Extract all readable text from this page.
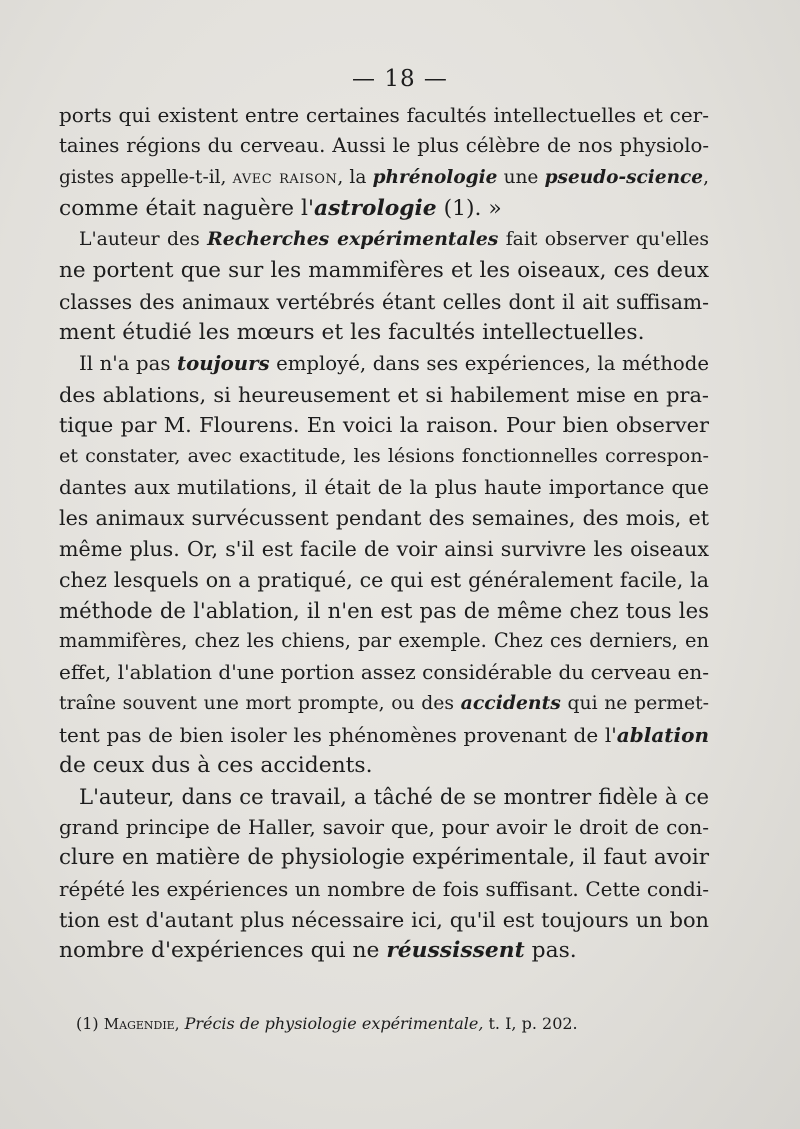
— 18 —
ports qui existent entre certaines facultés intellectuelles et cer-
taines régions du cerveau. Aussi le plus célèbre de nos physiolo-
gistes appelle-t-il, avec raison, la phrénologie une pseudo-science,
comme était naguère l'astrologie (1). »
L'auteur des Recherches expérimentales fait observer qu'elles
ne portent que sur les mammifères et les oiseaux, ces deux
classes des animaux vertébrés étant celles dont il ait suffisam-
ment étudié les mœurs et les facultés intellectuelles.
Il n'a pas toujours employé, dans ses expériences, la méthode
des ablations, si heureusement et si habilement mise en pra-
tique par M. Flourens. En voici la raison. Pour bien observer
et constater, avec exactitude, les lésions fonctionnelles correspon-
dantes aux mutilations, il était de la plus haute importance que
les animaux survécussent pendant des semaines, des mois, et
même plus. Or, s'il est facile de voir ainsi survivre les oiseaux
chez lesquels on a pratiqué, ce qui est généralement facile, la
méthode de l'ablation, il n'en est pas de même chez tous les
mammifères, chez les chiens, par exemple. Chez ces derniers, en
effet, l'ablation d'une portion assez considérable du cerveau en-
traîne souvent une mort prompte, ou des accidents qui ne permet-
tent pas de bien isoler les phénomènes provenant de l'ablation
de ceux dus à ces accidents.
L'auteur, dans ce travail, a tâché de se montrer fidèle à ce
grand principe de Haller, savoir que, pour avoir le droit de con-
clure en matière de physiologie expérimentale, il faut avoir
répété les expériences un nombre de fois suffisant. Cette condi-
tion est d'autant plus nécessaire ici, qu'il est toujours un bon
nombre d'expériences qui ne réussissent pas.
(1) Magendie, Précis de physiologie expérimentale, t. I, p. 202.
